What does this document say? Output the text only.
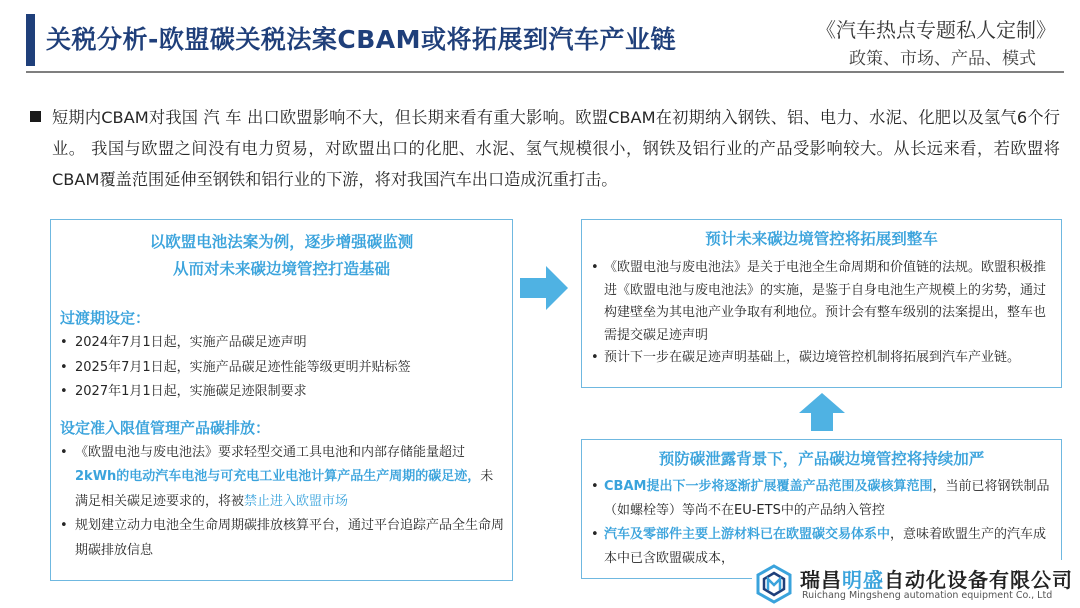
关税分析-欧盟碳关税法案CBAM或将拓展到汽车产业链	《汽车热点专题私人定制》
政策、市场、产品、模式
短期内CBAM对我国 汽 车 出口欧盟影响不大，但长期来看有重大影响。欧盟CBAM在初期纳入钢铁、铝、电力、水泥、化肥以及氢气6个行业。 我国与欧盟之间没有电力贸易，对欧盟出口的化肥、水泥、氢气规模很小，钢铁及铝行业的产品受影响较大。从长远来看，若欧盟将CBAM覆盖范围延伸至钢铁和铝行业的下游，将对我国汽车出口造成沉重打击。
以欧盟电池法案为例，逐步增强碳监测
从而对未来碳边境管控打造基础
过渡期设定：
• 2024年7月1日起，实施产品碳足迹声明
• 2025年7月1日起，实施产品碳足迹性能等级更明并贴标签
• 2027年1月1日起，实施碳足迹限制要求
设定准入限值管理产品碳排放：
• 《欧盟电池与废电池法》要求轻型交通工具电池和内部存储能量超过2kWh的电动汽车电池与可充电工业电池计算产品生产周期的碳足迹，未满足相关碳足迹要求的，将被禁止进入欧盟市场
• 规划建立动力电池全生命周期碳排放核算平台，通过平台追踪产品全生命周期碳排放信息
预计未来碳边境管控将拓展到整车
• 《欧盟电池与废电池法》是关于电池全生命周期和价值链的法规。欧盟积极推进《欧盟电池与废电池法》的实施，是鉴于自身电池生产规模上的劣势，通过构建壁垒为其电池产业争取有利地位。预计会有整车级别的法案提出，整车也需提交碳足迹声明
• 预计下一步在碳足迹声明基础上，碳边境管控机制将拓展到汽车产业链。
预防碳泄露背景下，产品碳边境管控将持续加严
• CBAM提出下一步将逐渐扩展覆盖产品范围及碳核算范围，当前已将钢铁制品（如螺栓等）等尚不在EU-ETS中的产品纳入管控
• 汽车及零部件主要上游材料已在欧盟碳交易体系中，意味着欧盟生产的汽车成本中已含欧盟碳成本，
瑞昌明盛自动化设备有限公司
Ruichang Mingsheng automation equipment Co., Ltd
